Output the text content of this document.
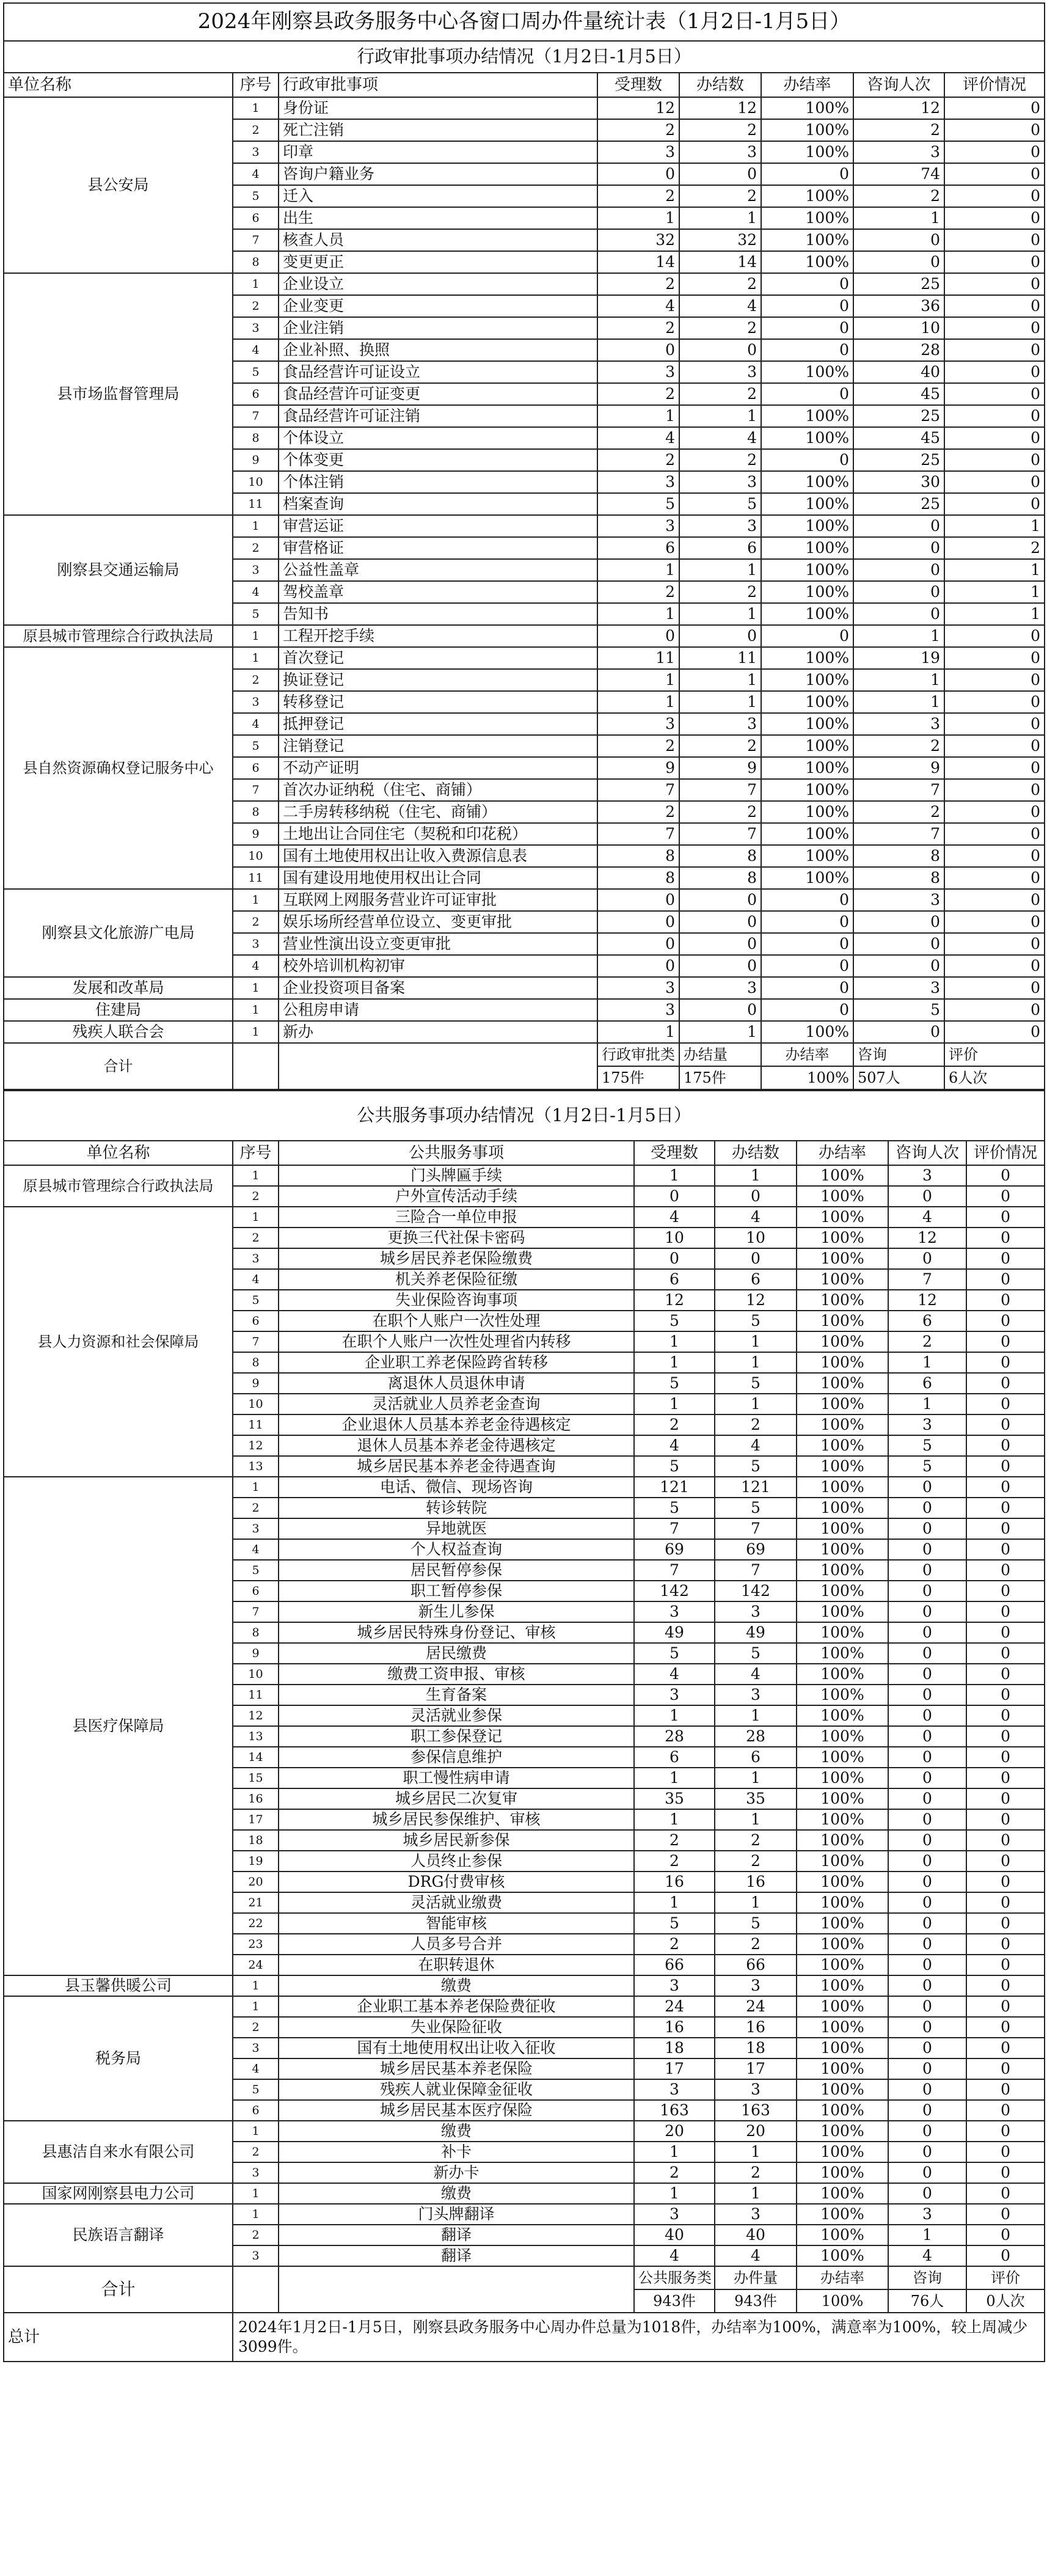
2024年刚察县政务服务中心各窗口周办件量统计表（1月2日-1月5日）							
行政审批事项办结情况（1月2日-1月5日）							
单位名称	序号	行政审批事项	受理数	办结数	办结率	咨询人次	评价情况
县公安局	1	身份证	12	12	100%	12	0
	2	死亡注销	2	2	100%	2	0
	3	印章	3	3	100%	3	0
	4	咨询户籍业务	0	0	0	74	0
	5	迁入	2	2	100%	2	0
	6	出生	1	1	100%	1	0
	7	核查人员	32	32	100%	0	0
	8	变更更正	14	14	100%	0	0
县市场监督管理局	1	企业设立	2	2	0	25	0
	2	企业变更	4	4	0	36	0
	3	企业注销	2	2	0	10	0
	4	企业补照、换照	0	0	0	28	0
	5	食品经营许可证设立	3	3	100%	40	0
	6	食品经营许可证变更	2	2	0	45	0
	7	食品经营许可证注销	1	1	100%	25	0
	8	个体设立	4	4	100%	45	0
	9	个体变更	2	2	0	25	0
	10	个体注销	3	3	100%	30	0
	11	档案查询	5	5	100%	25	0
刚察县交通运输局	1	审营运证	3	3	100%	0	1
	2	审营格证	6	6	100%	0	2
	3	公益性盖章	1	1	100%	0	1
	4	驾校盖章	2	2	100%	0	1
	5	告知书	1	1	100%	0	1
原县城市管理综合行政执法局	1	工程开挖手续	0	0	0	1	0
县自然资源确权登记服务中心	1	首次登记	11	11	100%	19	0
	2	换证登记	1	1	100%	1	0
	3	转移登记	1	1	100%	1	0
	4	抵押登记	3	3	100%	3	0
	5	注销登记	2	2	100%	2	0
	6	不动产证明	9	9	100%	9	0
	7	首次办证纳税（住宅、商铺）	7	7	100%	7	0
	8	二手房转移纳税（住宅、商铺）	2	2	100%	2	0
	9	土地出让合同住宅（契税和印花税）	7	7	100%	7	0
	10	国有土地使用权出让收入费源信息表	8	8	100%	8	0
	11	国有建设用地使用权出让合同	8	8	100%	8	0
刚察县文化旅游广电局	1	互联网上网服务营业许可证审批	0	0	0	3	0
	2	娱乐场所经营单位设立、变更审批	0	0	0	0	0
	3	营业性演出设立变更审批	0	0	0	0	0
	4	校外培训机构初审	0	0	0	0	0
发展和改革局	1	企业投资项目备案	3	3	0	3	0
住建局	1	公租房申请	3	0	0	5	0
残疾人联合会	1	新办	1	1	100%	0	0
合计			行政审批类	办结量	办结率	咨询	评价
			175件	175件	100%	507人	6人次
公共服务事项办结情况（1月2日-1月5日）							
单位名称	序号	公共服务事项	受理数	办结数	办结率	咨询人次	评价情况
原县城市管理综合行政执法局	1	门头牌匾手续	1	1	100%	3	0
	2	户外宣传活动手续	0	0	100%	0	0
县人力资源和社会保障局	1	三险合一单位申报	4	4	100%	4	0
	2	更换三代社保卡密码	10	10	100%	12	0
	3	城乡居民养老保险缴费	0	0	100%	0	0
	4	机关养老保险征缴	6	6	100%	7	0
	5	失业保险咨询事项	12	12	100%	12	0
	6	在职个人账户一次性处理	5	5	100%	6	0
	7	在职个人账户一次性处理省内转移	1	1	100%	2	0
	8	企业职工养老保险跨省转移	1	1	100%	1	0
	9	离退休人员退休申请	5	5	100%	6	0
	10	灵活就业人员养老金查询	1	1	100%	1	0
	11	企业退休人员基本养老金待遇核定	2	2	100%	3	0
	12	退休人员基本养老金待遇核定	4	4	100%	5	0
	13	城乡居民基本养老金待遇查询	5	5	100%	5	0
县医疗保障局	1	电话、微信、现场咨询	121	121	100%	0	0
	2	转诊转院	5	5	100%	0	0
	3	异地就医	7	7	100%	0	0
	4	个人权益查询	69	69	100%	0	0
	5	居民暂停参保	7	7	100%	0	0
	6	职工暂停参保	142	142	100%	0	0
	7	新生儿参保	3	3	100%	0	0
	8	城乡居民特殊身份登记、审核	49	49	100%	0	0
	9	居民缴费	5	5	100%	0	0
	10	缴费工资申报、审核	4	4	100%	0	0
	11	生育备案	3	3	100%	0	0
	12	灵活就业参保	1	1	100%	0	0
	13	职工参保登记	28	28	100%	0	0
	14	参保信息维护	6	6	100%	0	0
	15	职工慢性病申请	1	1	100%	0	0
	16	城乡居民二次复审	35	35	100%	0	0
	17	城乡居民参保维护、审核	1	1	100%	0	0
	18	城乡居民新参保	2	2	100%	0	0
	19	人员终止参保	2	2	100%	0	0
	20	DRG付费审核	16	16	100%	0	0
	21	灵活就业缴费	1	1	100%	0	0
	22	智能审核	5	5	100%	0	0
	23	人员多号合并	2	2	100%	0	0
	24	在职转退休	66	66	100%	0	0
县玉馨供暖公司	1	缴费	3	3	100%	0	0
税务局	1	企业职工基本养老保险费征收	24	24	100%	0	0
	2	失业保险征收	16	16	100%	0	0
	3	国有土地使用权出让收入征收	18	18	100%	0	0
	4	城乡居民基本养老保险	17	17	100%	0	0
	5	残疾人就业保障金征收	3	3	100%	0	0
	6	城乡居民基本医疗保险	163	163	100%	0	0
县惠洁自来水有限公司	1	缴费	20	20	100%	0	0
	2	补卡	1	1	100%	0	0
	3	新办卡	2	2	100%	0	0
国家网刚察县电力公司	1	缴费	1	1	100%	0	0
民族语言翻译	1	门头牌翻译	3	3	100%	3	0
	2	翻译	40	40	100%	1	0
	3	翻译	4	4	100%	4	0
合计			公共服务类	办件量	办结率	咨询	评价
			943件	943件	100%	76人	0人次
总计	2024年1月2日-1月5日，刚察县政务服务中心周办件总量为1018件，办结率为100%，满意率为100%，较上周减少3099件。						
